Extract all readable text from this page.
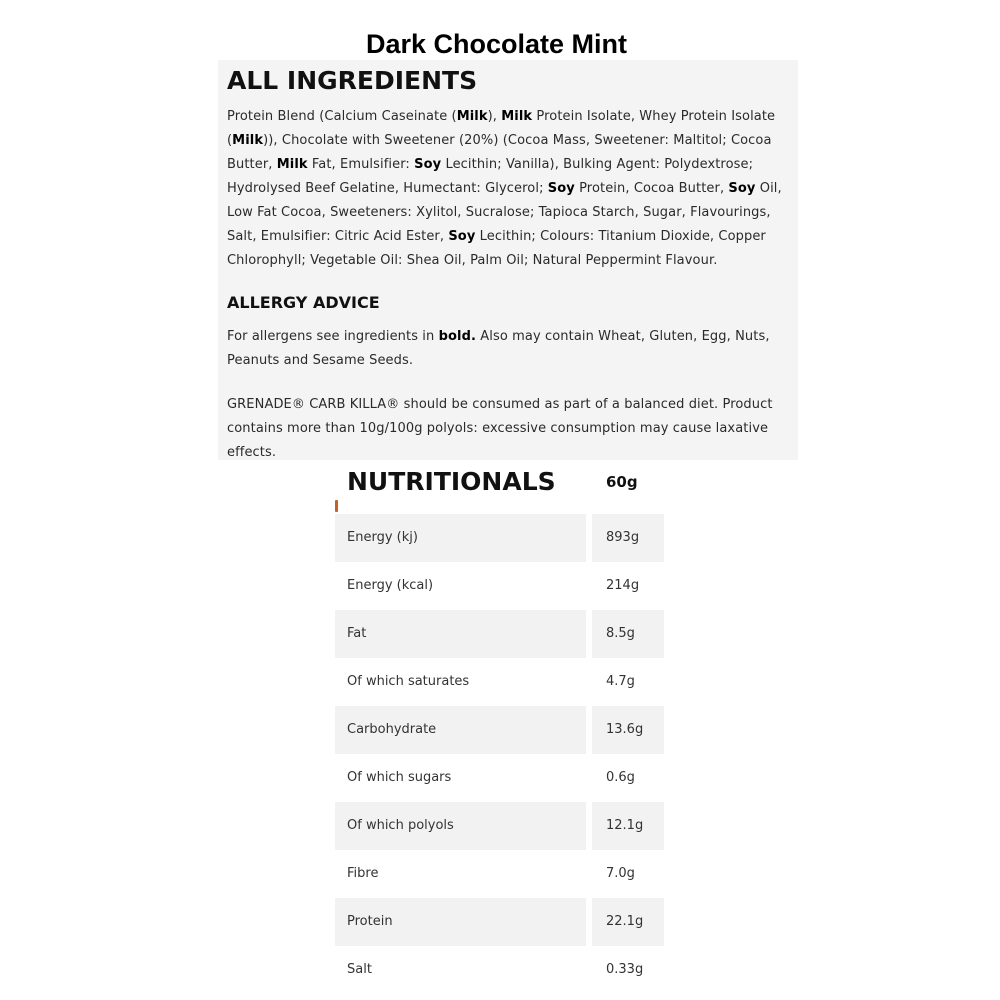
Dark Chocolate Mint
ALL INGREDIENTS

Protein Blend (Calcium Caseinate (Milk), Milk Protein Isolate, Whey Protein Isolate (Milk)), Chocolate with Sweetener (20%) (Cocoa Mass, Sweetener: Maltitol; Cocoa Butter, Milk Fat, Emulsifier: Soy Lecithin; Vanilla), Bulking Agent: Polydextrose; Hydrolysed Beef Gelatine, Humectant: Glycerol; Soy Protein, Cocoa Butter, Soy Oil, Low Fat Cocoa, Sweeteners: Xylitol, Sucralose; Tapioca Starch, Sugar, Flavourings, Salt, Emulsifier: Citric Acid Ester, Soy Lecithin; Colours: Titanium Dioxide, Copper Chlorophyll; Vegetable Oil: Shea Oil, Palm Oil; Natural Peppermint Flavour.

ALLERGY ADVICE

For allergens see ingredients in bold. Also may contain Wheat, Gluten, Egg, Nuts, Peanuts and Sesame Seeds.

GRENADE® CARB KILLA® should be consumed as part of a balanced diet. Product contains more than 10g/100g polyols: excessive consumption may cause laxative effects.

NUTRITIONALS	60g
Energy (kj)	893g
Energy (kcal)	214g
Fat	8.5g
Of which saturates	4.7g
Carbohydrate	13.6g
Of which sugars	0.6g
Of which polyols	12.1g
Fibre	7.0g
Protein	22.1g
Salt	0.33g
